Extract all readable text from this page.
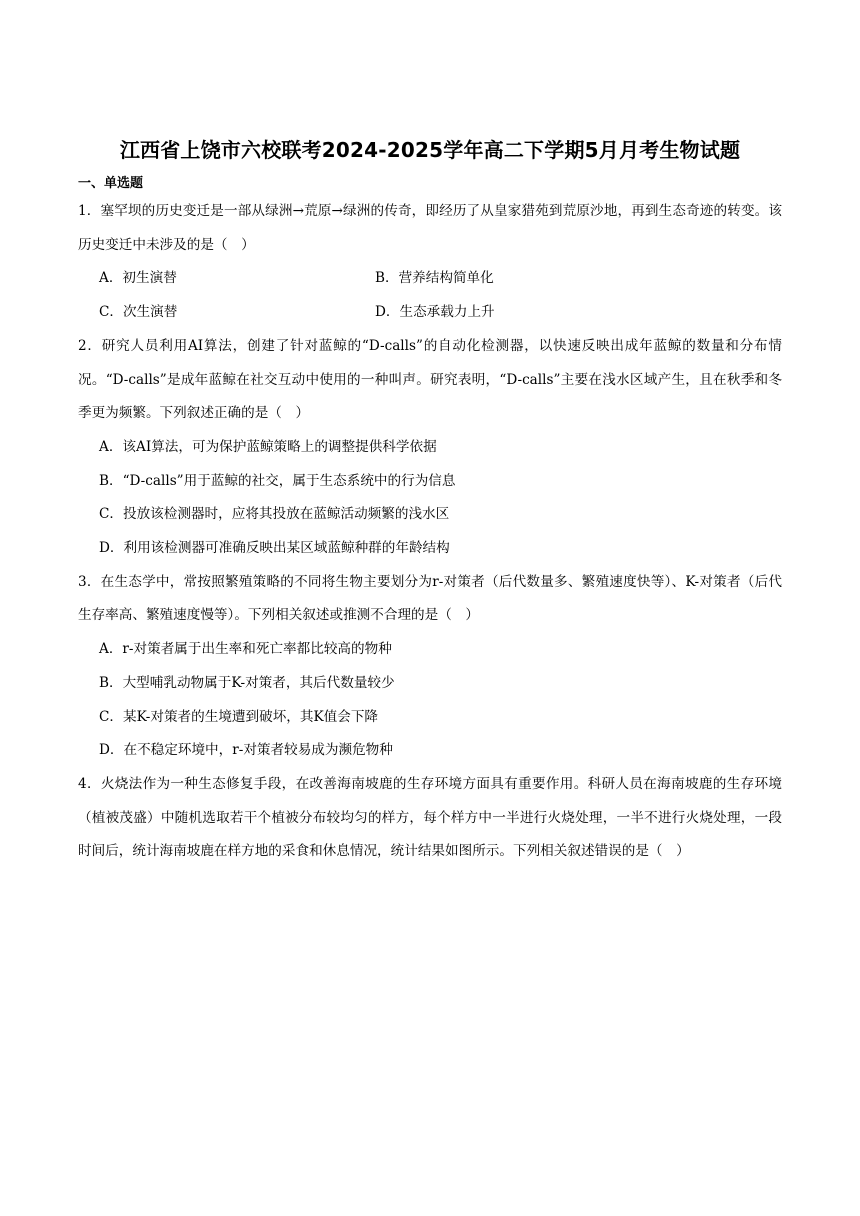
江西省上饶市六校联考2024-2025学年高二下学期5月月考生物试题
一、单选题

1．塞罕坝的历史变迁是一部从绿洲→荒原→绿洲的传奇，即经历了从皇家猎苑到荒原沙地，再到生态奇迹的转变。该历史变迁中未涉及的是（　）

A．初生演替	B．营养结构简单化
C．次生演替	D．生态承载力上升

2．研究人员利用AI算法，创建了针对蓝鲸的“D-calls”的自动化检测器，以快速反映出成年蓝鲸的数量和分布情况。“D-calls”是成年蓝鲸在社交互动中使用的一种叫声。研究表明，“D-calls”主要在浅水区域产生，且在秋季和冬季更为频繁。下列叙述正确的是（　）

A．该AI算法，可为保护蓝鲸策略上的调整提供科学依据
B．“D-calls”用于蓝鲸的社交，属于生态系统中的行为信息
C．投放该检测器时，应将其投放在蓝鲸活动频繁的浅水区
D．利用该检测器可准确反映出某区域蓝鲸种群的年龄结构

3．在生态学中，常按照繁殖策略的不同将生物主要划分为r-对策者（后代数量多、繁殖速度快等）、K-对策者（后代生存率高、繁殖速度慢等）。下列相关叙述或推测不合理的是（　）

A．r-对策者属于出生率和死亡率都比较高的物种
B．大型哺乳动物属于K-对策者，其后代数量较少
C．某K-对策者的生境遭到破坏，其K值会下降
D．在不稳定环境中，r-对策者较易成为濒危物种

4．火烧法作为一种生态修复手段，在改善海南坡鹿的生存环境方面具有重要作用。科研人员在海南坡鹿的生存环境（植被茂盛）中随机选取若干个植被分布较均匀的样方，每个样方中一半进行火烧处理，一半不进行火烧处理，一段时间后，统计海南坡鹿在样方地的采食和休息情况，统计结果如图所示。下列相关叙述错误的是（　）
